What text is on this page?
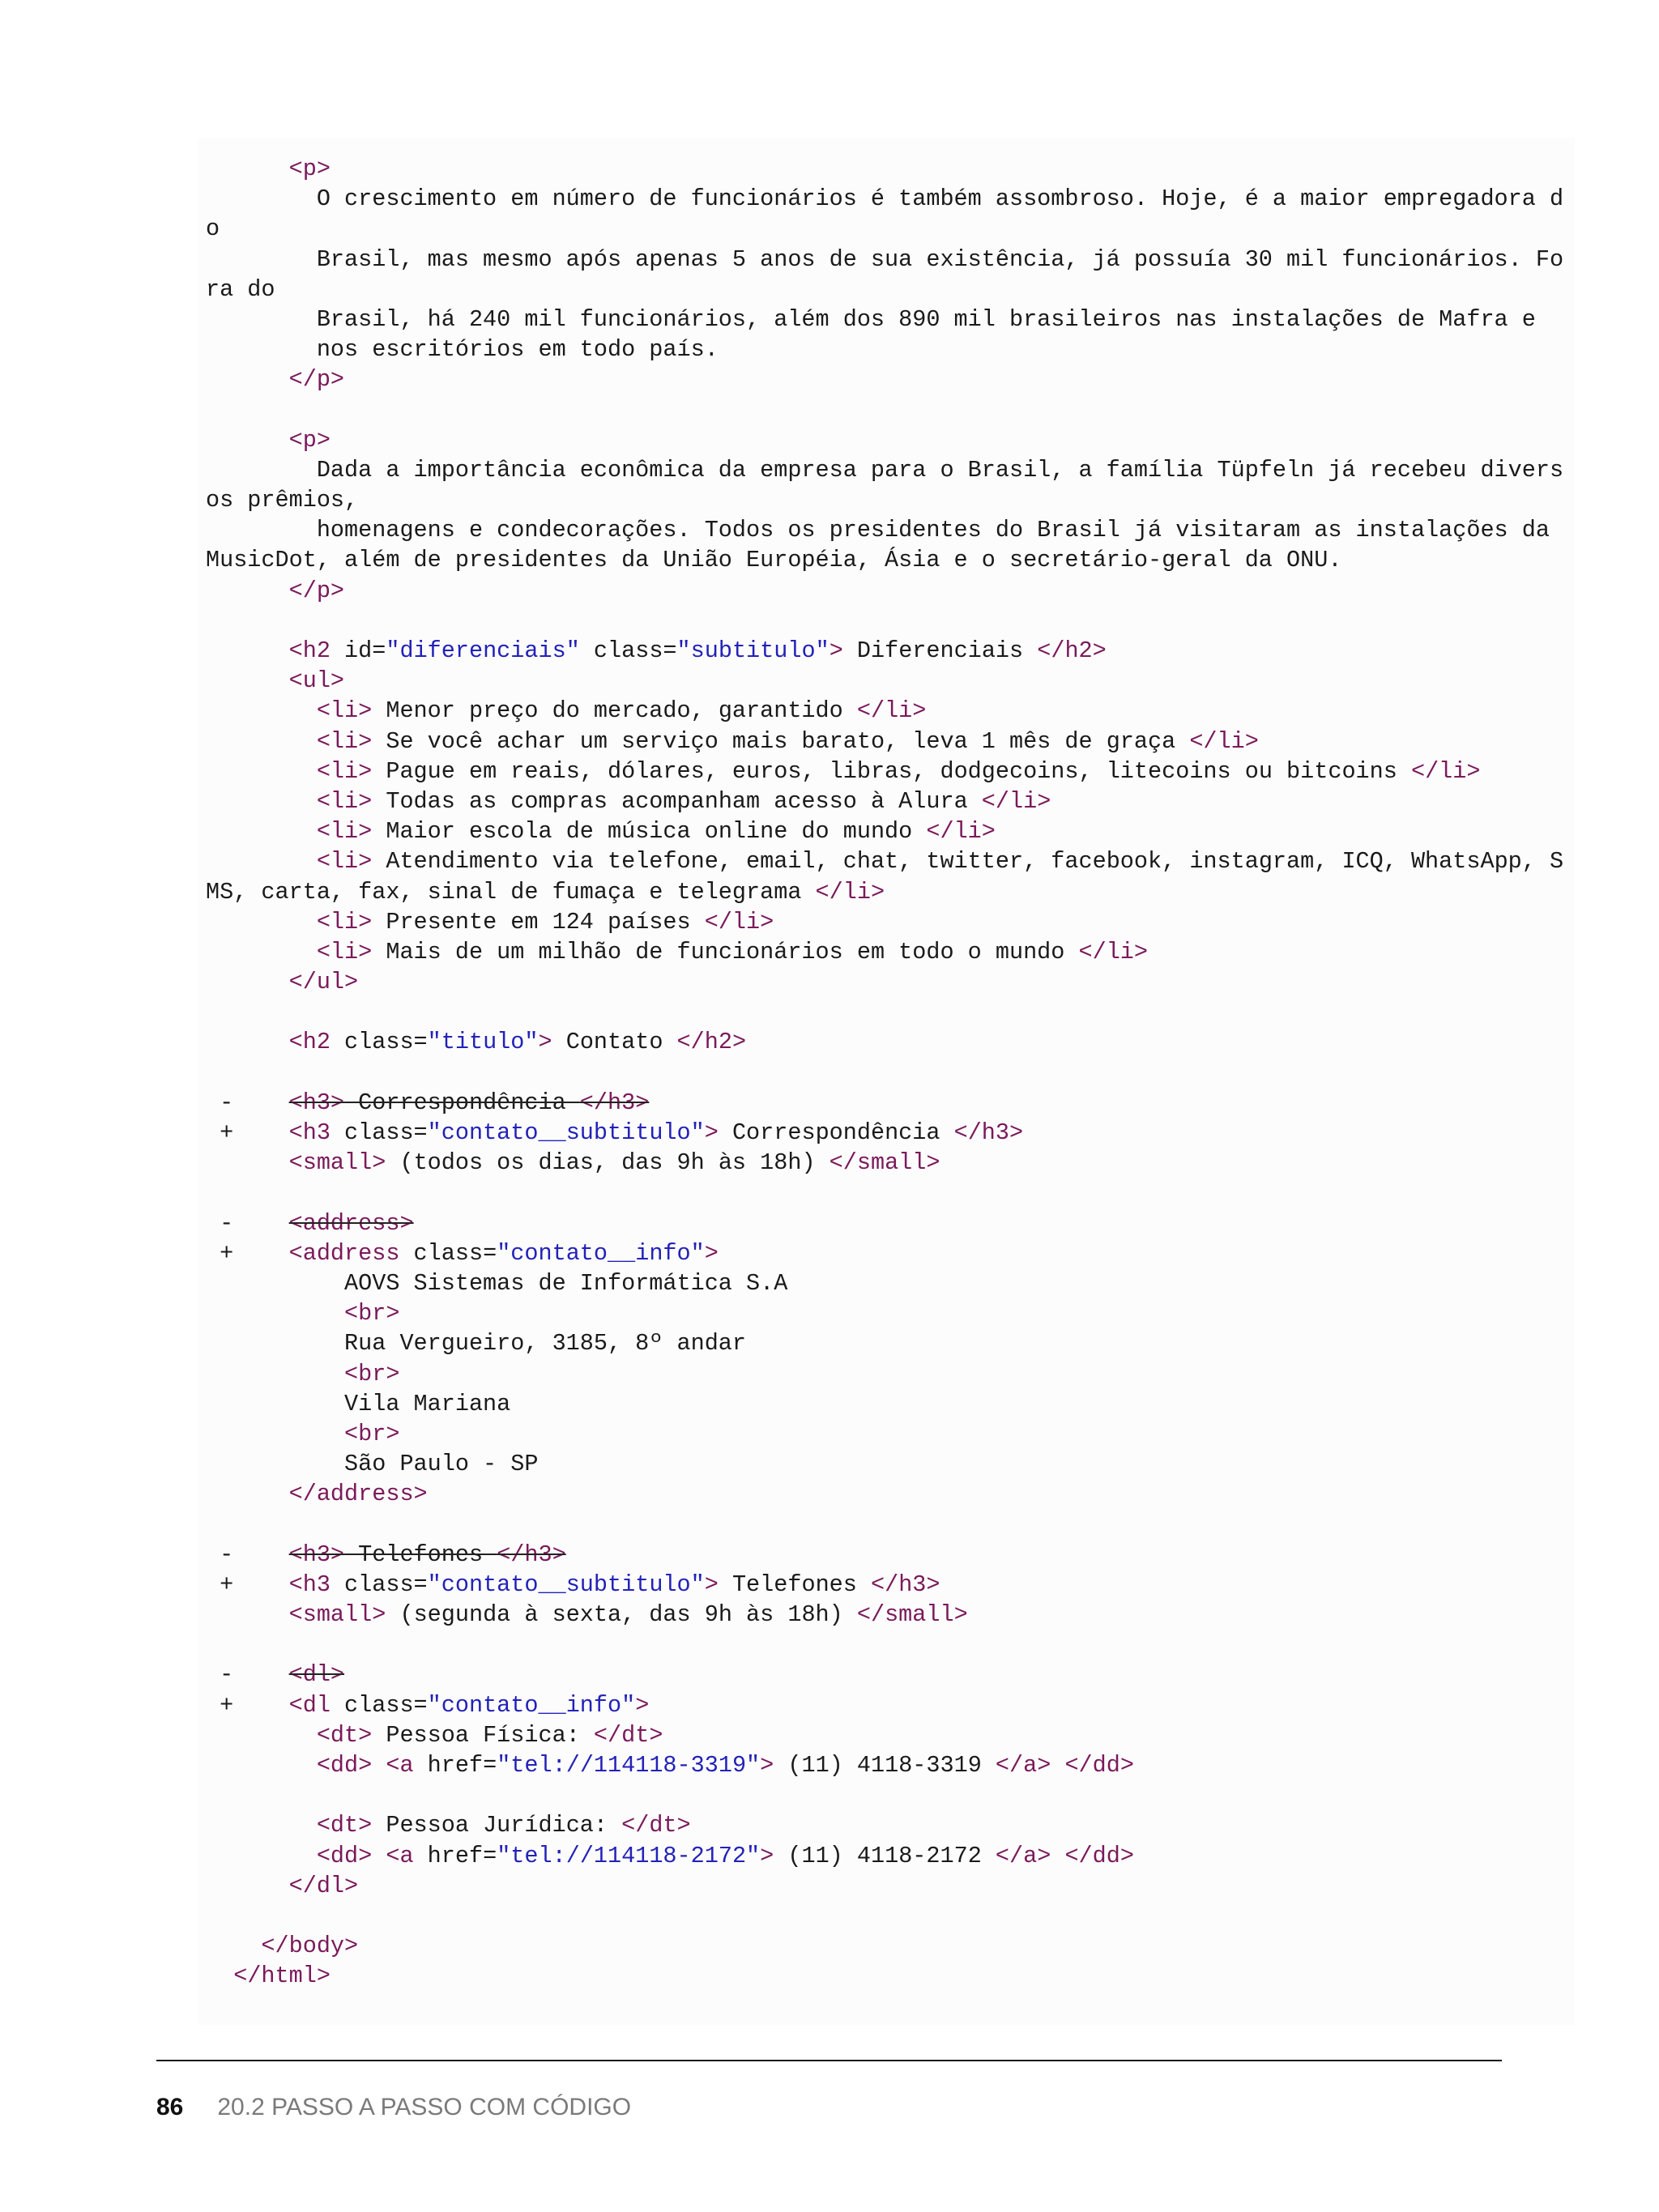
<p>
O crescimento em número de funcionários é também assombroso. Hoje, é a maior empregadora d
o
Brasil, mas mesmo após apenas 5 anos de sua existência, já possuía 30 mil funcionários. Fo
ra do
Brasil, há 240 mil funcionários, além dos 890 mil brasileiros nas instalações de Mafra e
nos escritórios em todo país.
</p>
<p>
Dada a importância econômica da empresa para o Brasil, a família Tüpfeln já recebeu divers
os prêmios,
homenagens e condecorações. Todos os presidentes do Brasil já visitaram as instalações da
MusicDot, além de presidentes da União Européia, Ásia e o secretário-geral da ONU.
</p>
<h2 id="diferenciais" class="subtitulo"> Diferenciais </h2>
<ul>
<li> Menor preço do mercado, garantido </li>
<li> Se você achar um serviço mais barato, leva 1 mês de graça </li>
<li> Pague em reais, dólares, euros, libras, dodgecoins, litecoins ou bitcoins </li>
<li> Todas as compras acompanham acesso à Alura </li>
<li> Maior escola de música online do mundo </li>
<li> Atendimento via telefone, email, chat, twitter, facebook, instagram, ICQ, WhatsApp, S
MS, carta, fax, sinal de fumaça e telegrama </li>
<li> Presente em 124 países </li>
<li> Mais de um milhão de funcionários em todo o mundo </li>
</ul>
<h2 class="titulo"> Contato </h2>
-    <h3> Correspondência </h3>
+    <h3 class="contato__subtitulo"> Correspondência </h3>
<small> (todos os dias, das 9h às 18h) </small>
-    <address>
+    <address class="contato__info">
AOVS Sistemas de Informática S.A
<br>
Rua Vergueiro, 3185, 8º andar
<br>
Vila Mariana
<br>
São Paulo - SP
</address>
-    <h3> Telefones </h3>
+    <h3 class="contato__subtitulo"> Telefones </h3>
<small> (segunda à sexta, das 9h às 18h) </small>
-    <dl>
+    <dl class="contato__info">
<dt> Pessoa Física: </dt>
<dd> <a href="tel://114118-3319"> (11) 4118-3319 </a> </dd>
<dt> Pessoa Jurídica: </dt>
<dd> <a href="tel://114118-2172"> (11) 4118-2172 </a> </dd>
</dl>
</body>
</html>
86 20.2 PASSO A PASSO COM CÓDIGO
